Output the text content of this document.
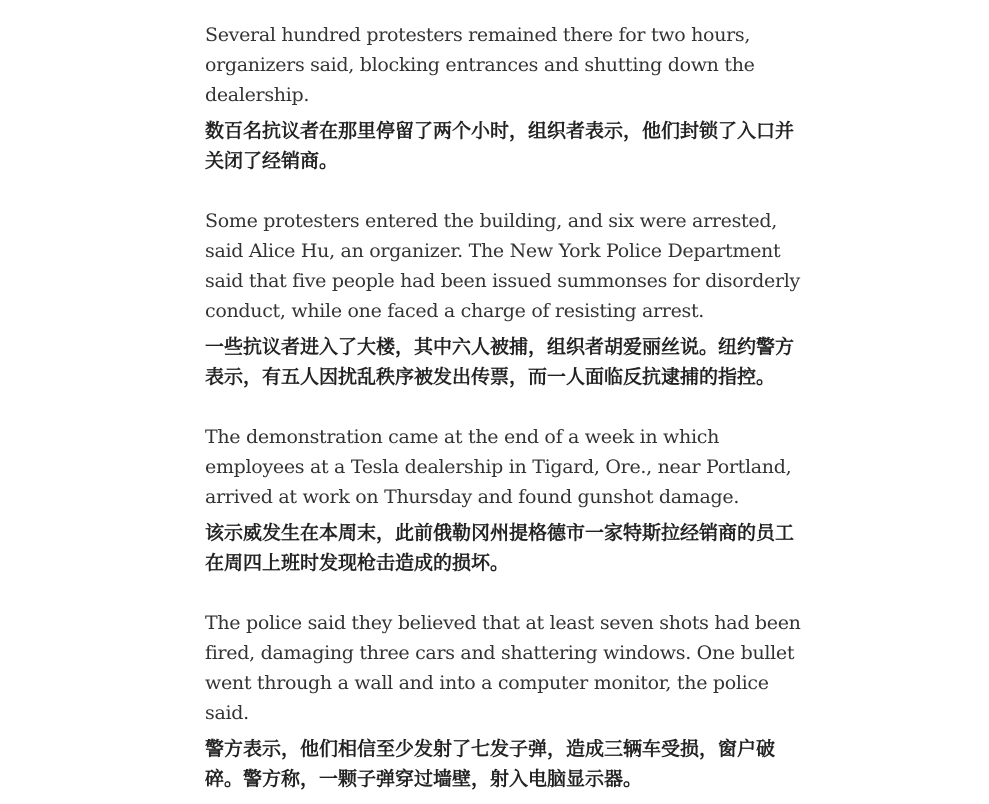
Several hundred protesters remained there for two hours, organizers said, blocking entrances and shutting down the dealership.

数百名抗议者在那里停留了两个小时，组织者表示，他们封锁了入口并关闭了经销商。

Some protesters entered the building, and six were arrested, said Alice Hu, an organizer. The New York Police Department said that five people had been issued summonses for disorderly conduct, while one faced a charge of resisting arrest.

一些抗议者进入了大楼，其中六人被捕，组织者胡爱丽丝说。纽约警方表示，有五人因扰乱秩序被发出传票，而一人面临反抗逮捕的指控。

The demonstration came at the end of a week in which employees at a Tesla dealership in Tigard, Ore., near Portland, arrived at work on Thursday and found gunshot damage.

该示威发生在本周末，此前俄勒冈州提格德市一家特斯拉经销商的员工在周四上班时发现枪击造成的损坏。

The police said they believed that at least seven shots had been fired, damaging three cars and shattering windows. One bullet went through a wall and into a computer monitor, the police said.

警方表示，他们相信至少发射了七发子弹，造成三辆车受损，窗户破碎。警方称，一颗子弹穿过墙壁，射入电脑显示器。
